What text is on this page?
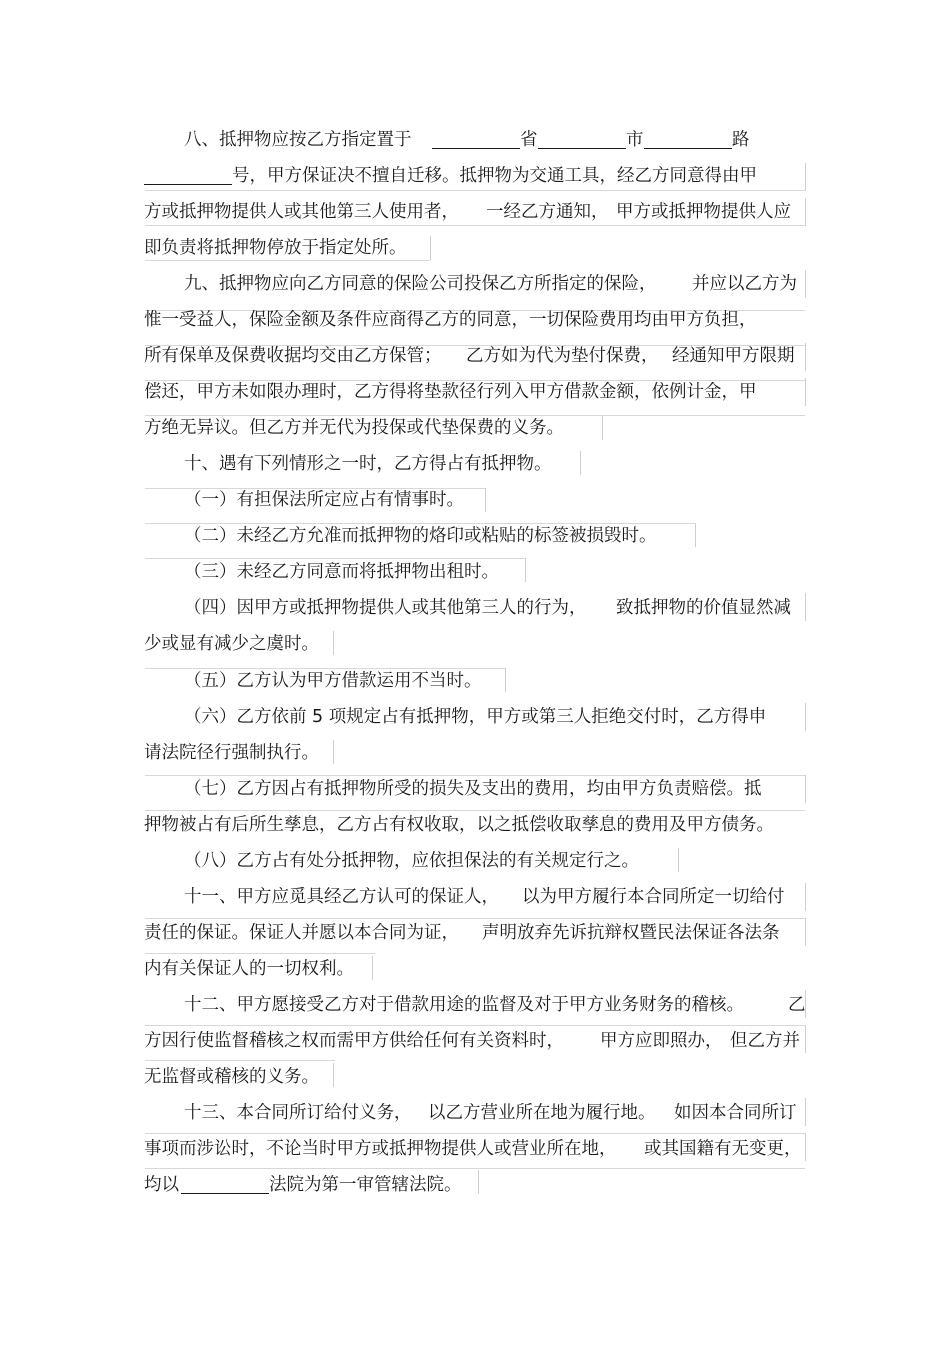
八、抵押物应按乙方指定置于	省	市	路
号，甲方保证决不擅自迁移。抵押物为交通工具，经乙方同意得由甲
方或抵押物提供人或其他第三人使用者， 一经乙方通知， 甲方或抵押物提供人应
即负责将抵押物停放于指定处所。
九、抵押物应向乙方同意的保险公司投保乙方所指定的保险， 并应以乙方为
惟一受益人，保险金额及条件应商得乙方的同意，一切保险费用均由甲方负担，
所有保单及保费收据均交由乙方保管； 乙方如为代为垫付保费， 经通知甲方限期
偿还，甲方未如限办理时，乙方得将垫款径行列入甲方借款金额，依例计金，甲
方绝无异议。但乙方并无代为投保或代垫保费的义务。
十、遇有下列情形之一时，乙方得占有抵押物。
（一）有担保法所定应占有情事时。
（二）未经乙方允准而抵押物的烙印或粘贴的标签被损毁时。
（三）未经乙方同意而将抵押物出租时。
（四）因甲方或抵押物提供人或其他第三人的行为， 致抵押物的价值显然减
少或显有减少之虞时。
（五）乙方认为甲方借款运用不当时。
（六）乙方依前 5 项规定占有抵押物，甲方或第三人拒绝交付时，乙方得申
请法院径行强制执行。
（七）乙方因占有抵押物所受的损失及支出的费用，均由甲方负责赔偿。抵
押物被占有后所生孳息，乙方占有权收取，以之抵偿收取孳息的费用及甲方债务。
（八）乙方占有处分抵押物，应依担保法的有关规定行之。
十一、甲方应觅具经乙方认可的保证人， 以为甲方履行本合同所定一切给付
责任的保证。保证人并愿以本合同为证， 声明放弃先诉抗辩权暨民法保证各法条
内有关保证人的一切权利。
十二、甲方愿接受乙方对于借款用途的监督及对于甲方业务财务的稽核。	乙
方因行使监督稽核之权而需甲方供给任何有关资料时， 甲方应即照办， 但乙方并
无监督或稽核的义务。
十三、本合同所订给付义务， 以乙方营业所在地为履行地。 如因本合同所订
事项而涉讼时，不论当时甲方或抵押物提供人或营业所在地， 或其国籍有无变更，
均以	法院为第一审管辖法院。
